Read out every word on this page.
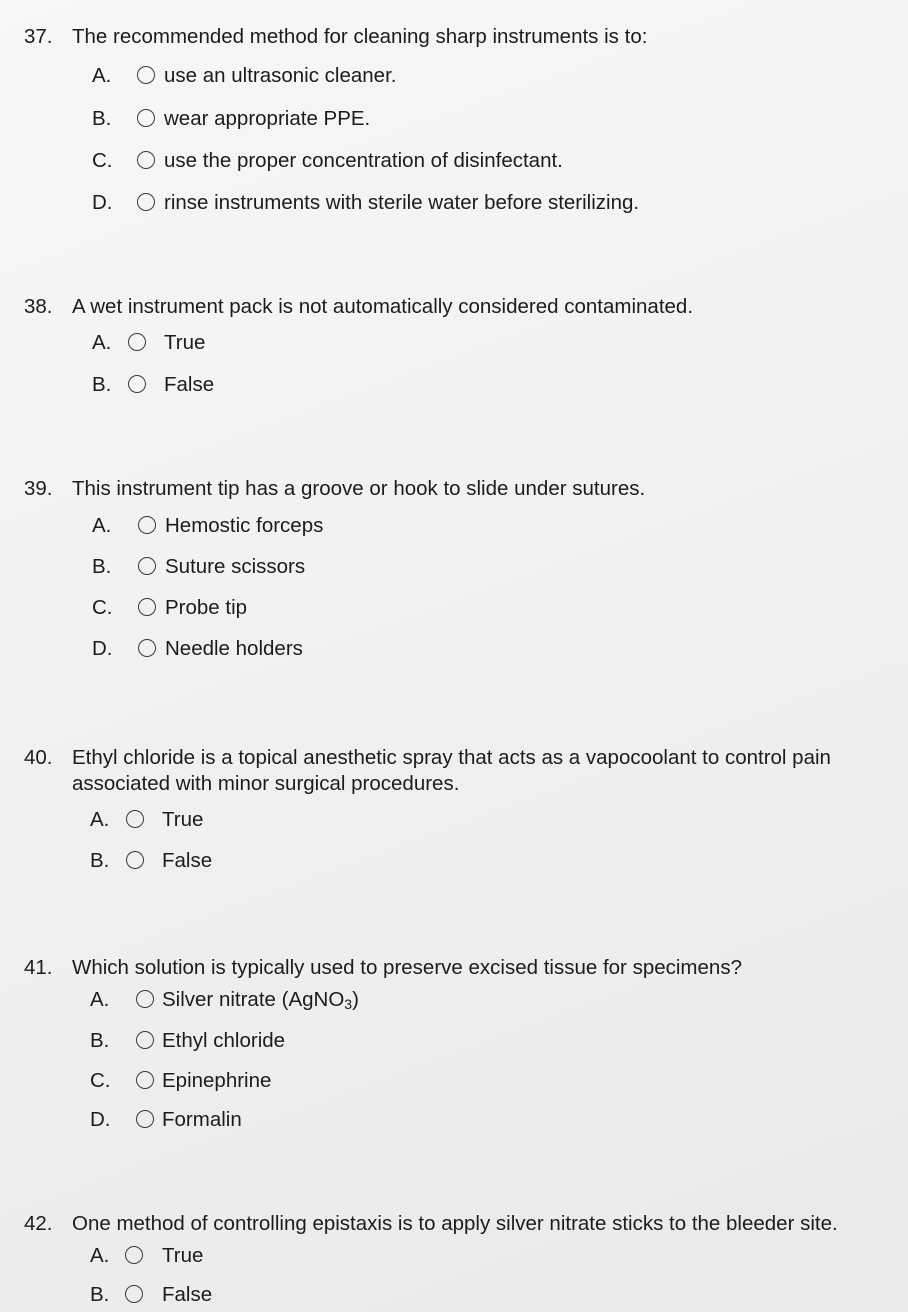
37. The recommended method for cleaning sharp instruments is to:
A.	use an ultrasonic cleaner.
B.	wear appropriate PPE.
C.	use the proper concentration of disinfectant.
D.	rinse instruments with sterile water before sterilizing.
38. A wet instrument pack is not automatically considered contaminated.
A.	True
B.	False
39. This instrument tip has a groove or hook to slide under sutures.
A.	Hemostic forceps
B.	Suture scissors
C.	Probe tip
D.	Needle holders
40. Ethyl chloride is a topical anesthetic spray that acts as a vapocoolant to control pain
associated with minor surgical procedures.
A.	True
B.	False
41. Which solution is typically used to preserve excised tissue for specimens?
A.	Silver nitrate (AgNO$_3$)
B.	Ethyl chloride
C.	Epinephrine
D.	Formalin
42. One method of controlling epistaxis is to apply silver nitrate sticks to the bleeder site.
A.	True
B.	False
